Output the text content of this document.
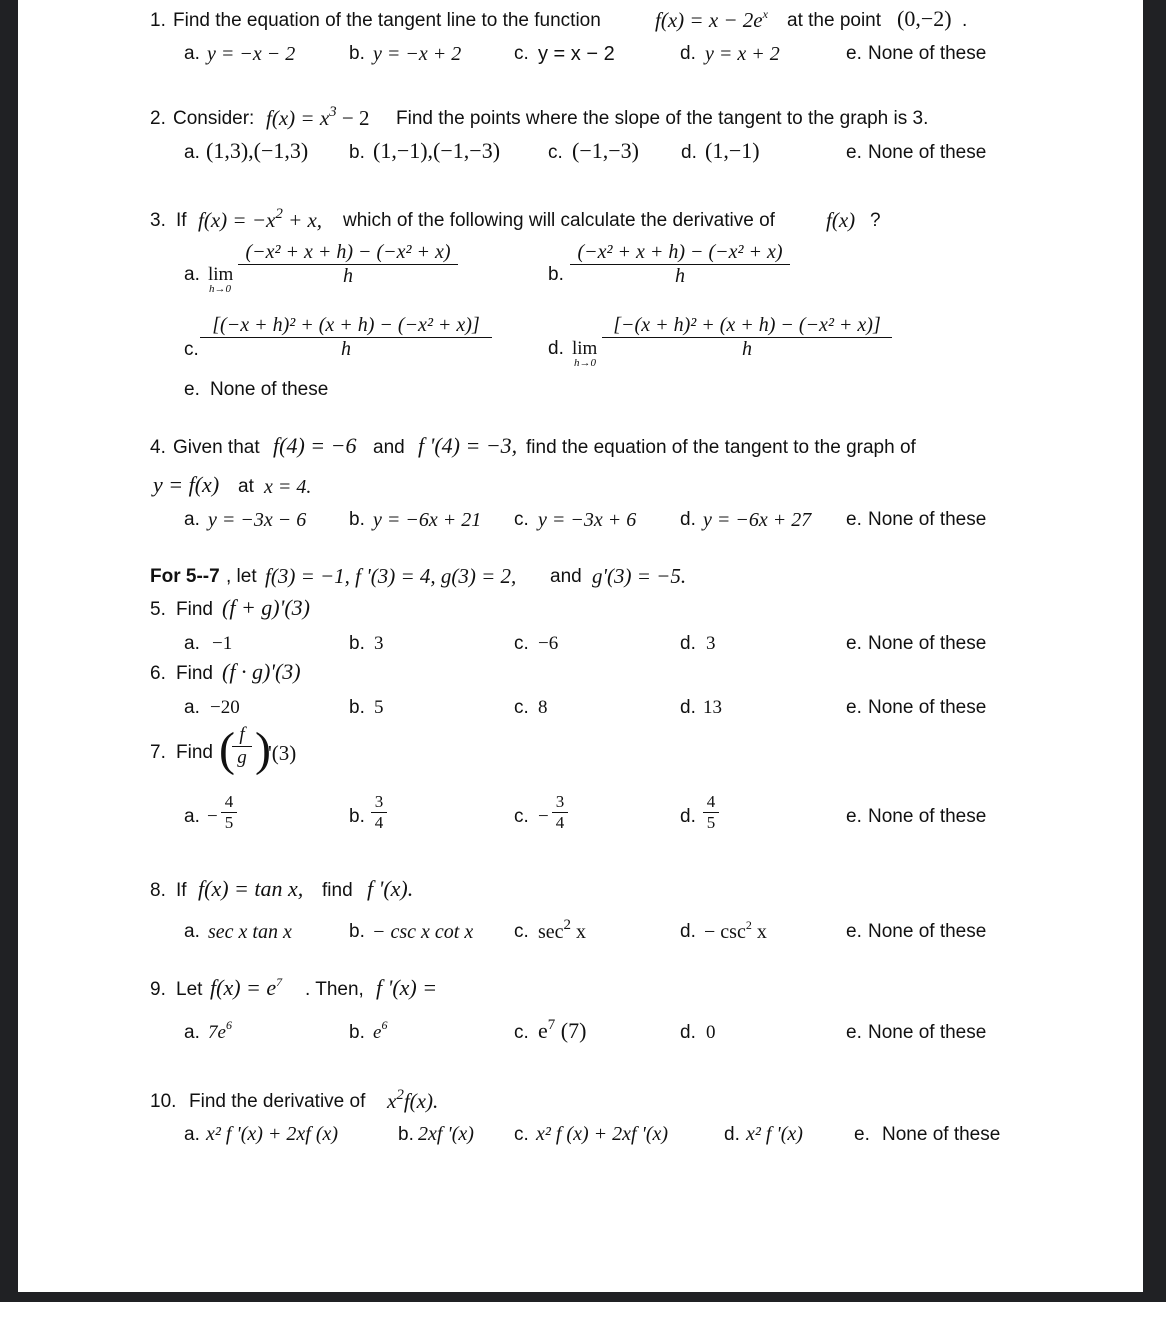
1. Find the equation of the tangent line to the function	$f(x) = x - 2e^x$ at the point (0,−2) .
a. y = −x − 2	b. y = −x + 2	c. y = x − 2	d. y = x + 2	e. None of these
2. Consider: $f(x) = x^3 - 2$ Find the points where the slope of the tangent to the graph is 3.
a. (1,3),(−1,3) b. (1,−1),(−1,−3)	c. (−1,−3) d. (1,−1)	e. None of these
3. If $f(x) = -x^2 + x$, which of the following will calculate the derivative of f(x) ?
a. lim
h→0
$\frac{\text{(−x² + x + h) − (−x² + x)}}{h}$	b. $\frac{\text{(−x² + x + h) − (−x² + x)}}{h}$
c. $\frac{\text{[(−x + h)² + (x + h) − (−x² + x)]}}{h}$	d. lim
h→0
$\frac{\text{[−(x + h)² + (x + h) − (−x² + x)]}}{h}$
e. None of these
4. Given that f(4) = −6 and f '(4) = −3, find the equation of the tangent to the graph of
y = f(x) at x = 4.
a. y = −3x − 6 b. y = −6x + 21 c. y = −3x + 6 d. y = −6x + 27 e. None of these
For 5--7 , let f(3) = −1, f '(3) = 4, g(3) = 2, and g'(3) = −5.
5. Find (f + g)'(3)
a. −1	b. 3	c. −6	d. 3	e. None of these
6. Find (f · g)'(3)
a. −20	b. 5	c. 8	d. 13	e. None of these
7. Find (
$\frac{f}{g}$ )
'(3)
a. − $\frac{4}{5}$	b. $\frac{3}{4}$	c. − $\frac{3}{4}$	d. $\frac{4}{5}$	e. None of these
8. If f(x) = tan x, find f '(x).
a. sec x tan x	b. − csc x cot x c. $\sec^2 x$	d. − $\csc^2 x$	e. None of these
9. Let $f(x) = e^7$ . Then, f '(x) =
a. $7e^6$	b. $e^6$	c. $e^7$ (7)	d. 0	e. None of these
10. Find the derivative of $x^2f(x)$.
a. x² f '(x) + 2xf (x)	b. 2xf '(x) c. x² f (x) + 2xf '(x)	d. x² f '(x)	e. None of these
